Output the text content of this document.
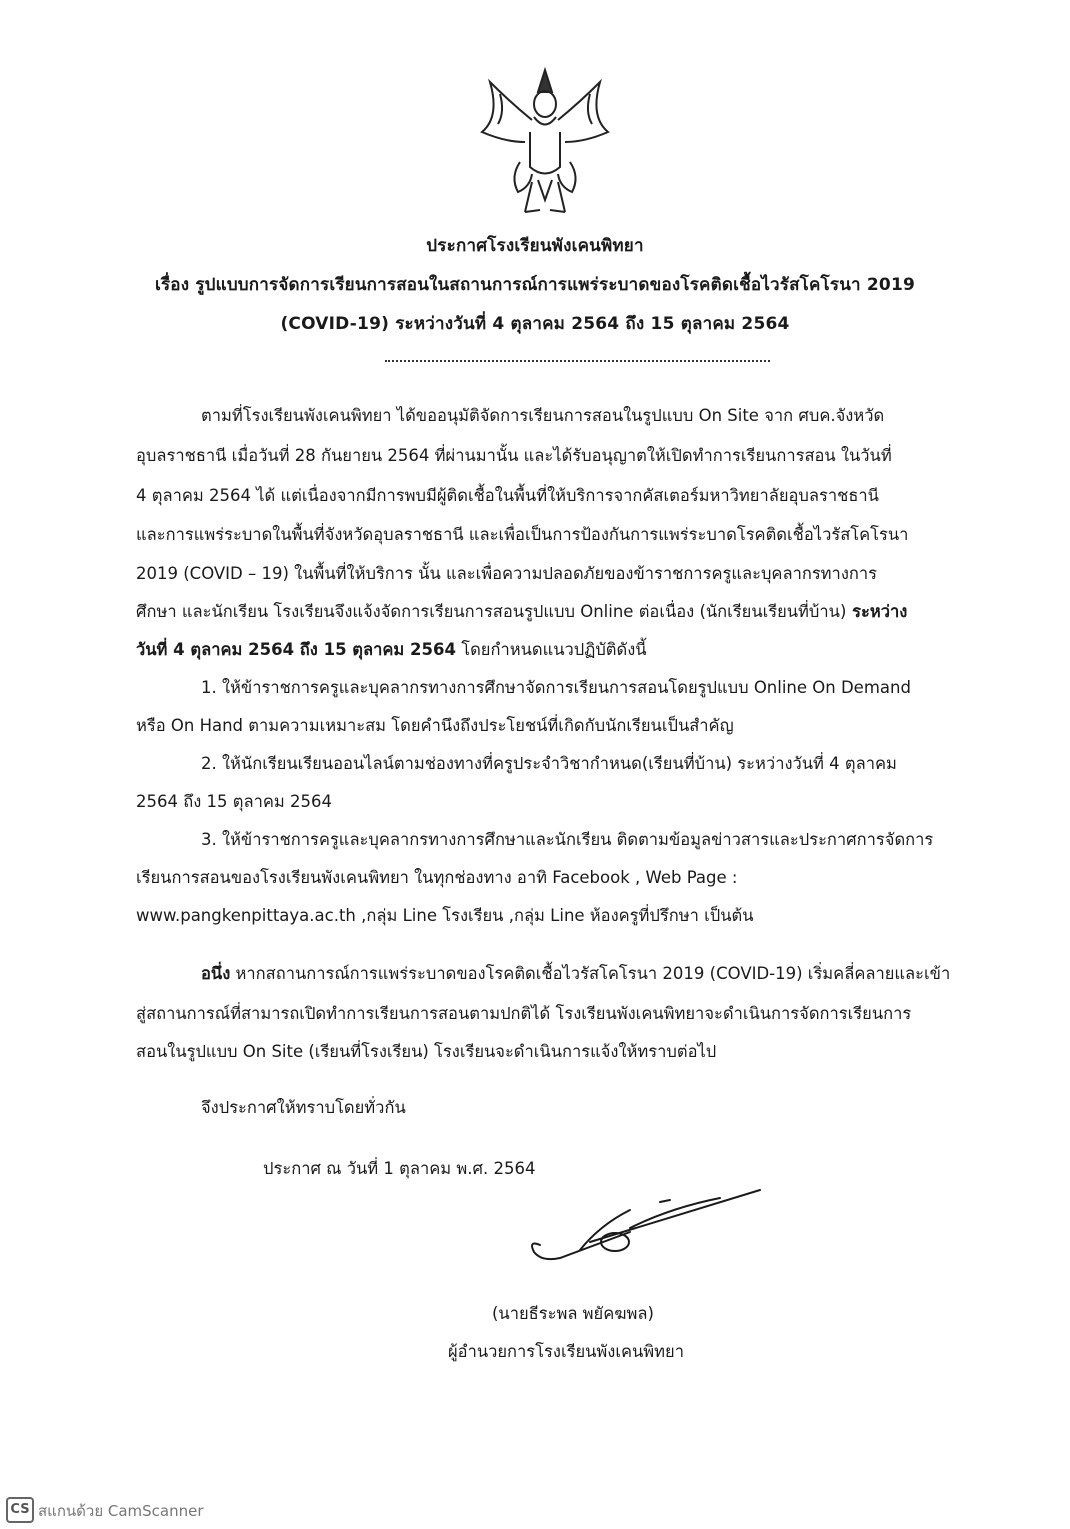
ประกาศโรงเรียนพังเคนพิทยา
เรื่อง รูปแบบการจัดการเรียนการสอนในสถานการณ์การแพร่ระบาดของโรคติดเชื้อไวรัสโคโรนา 2019
(COVID-19) ระหว่างวันที่ 4 ตุลาคม 2564 ถึง 15 ตุลาคม 2564
ตามที่โรงเรียนพังเคนพิทยา ได้ขออนุมัติจัดการเรียนการสอนในรูปแบบ On Site จาก ศบค.จังหวัด
อุบลราชธานี เมื่อวันที่ 28 กันยายน 2564 ที่ผ่านมานั้น และได้รับอนุญาตให้เปิดทำการเรียนการสอน ในวันที่
4 ตุลาคม 2564 ได้ แต่เนื่องจากมีการพบมีผู้ติดเชื้อในพื้นที่ให้บริการจากคัสเตอร์มหาวิทยาลัยอุบลราชธานี
และการแพร่ระบาดในพื้นที่จังหวัดอุบลราชธานี และเพื่อเป็นการป้องกันการแพร่ระบาดโรคติดเชื้อไวรัสโคโรนา
2019 (COVID – 19) ในพื้นที่ให้บริการ นั้น และเพื่อความปลอดภัยของข้าราชการครูและบุคลากรทางการ
ศึกษา และนักเรียน โรงเรียนจึงแจ้งจัดการเรียนการสอนรูปแบบ Online ต่อเนื่อง (นักเรียนเรียนที่บ้าน) ระหว่าง
วันที่ 4 ตุลาคม 2564 ถึง 15 ตุลาคม 2564 โดยกำหนดแนวปฏิบัติดังนี้
1. ให้ข้าราชการครูและบุคลากรทางการศึกษาจัดการเรียนการสอนโดยรูปแบบ Online On Demand
หรือ On Hand ตามความเหมาะสม โดยคำนึงถึงประโยชน์ที่เกิดกับนักเรียนเป็นสำคัญ
2. ให้นักเรียนเรียนออนไลน์ตามช่องทางที่ครูประจำวิชากำหนด(เรียนที่บ้าน) ระหว่างวันที่ 4 ตุลาคม
2564 ถึง 15 ตุลาคม 2564
3. ให้ข้าราชการครูและบุคลากรทางการศึกษาและนักเรียน ติดตามข้อมูลข่าวสารและประกาศการจัดการ
เรียนการสอนของโรงเรียนพังเคนพิทยา ในทุกช่องทาง อาทิ Facebook , Web Page :
www.pangkenpittaya.ac.th ,กลุ่ม Line โรงเรียน ,กลุ่ม Line ห้องครูที่ปรึกษา เป็นต้น
อนึ่ง หากสถานการณ์การแพร่ระบาดของโรคติดเชื้อไวรัสโคโรนา 2019 (COVID-19) เริ่มคลี่คลายและเข้า
สู่สถานการณ์ที่สามารถเปิดทำการเรียนการสอนตามปกติได้ โรงเรียนพังเคนพิทยาจะดำเนินการจัดการเรียนการ
สอนในรูปแบบ On Site (เรียนที่โรงเรียน) โรงเรียนจะดำเนินการแจ้งให้ทราบต่อไป
จึงประกาศให้ทราบโดยทั่วกัน
ประกาศ ณ วันที่ 1 ตุลาคม พ.ศ. 2564
(นายธีระพล พยัคฆพล)
ผู้อำนวยการโรงเรียนพังเคนพิทยา
CS สแกนด้วย CamScanner
